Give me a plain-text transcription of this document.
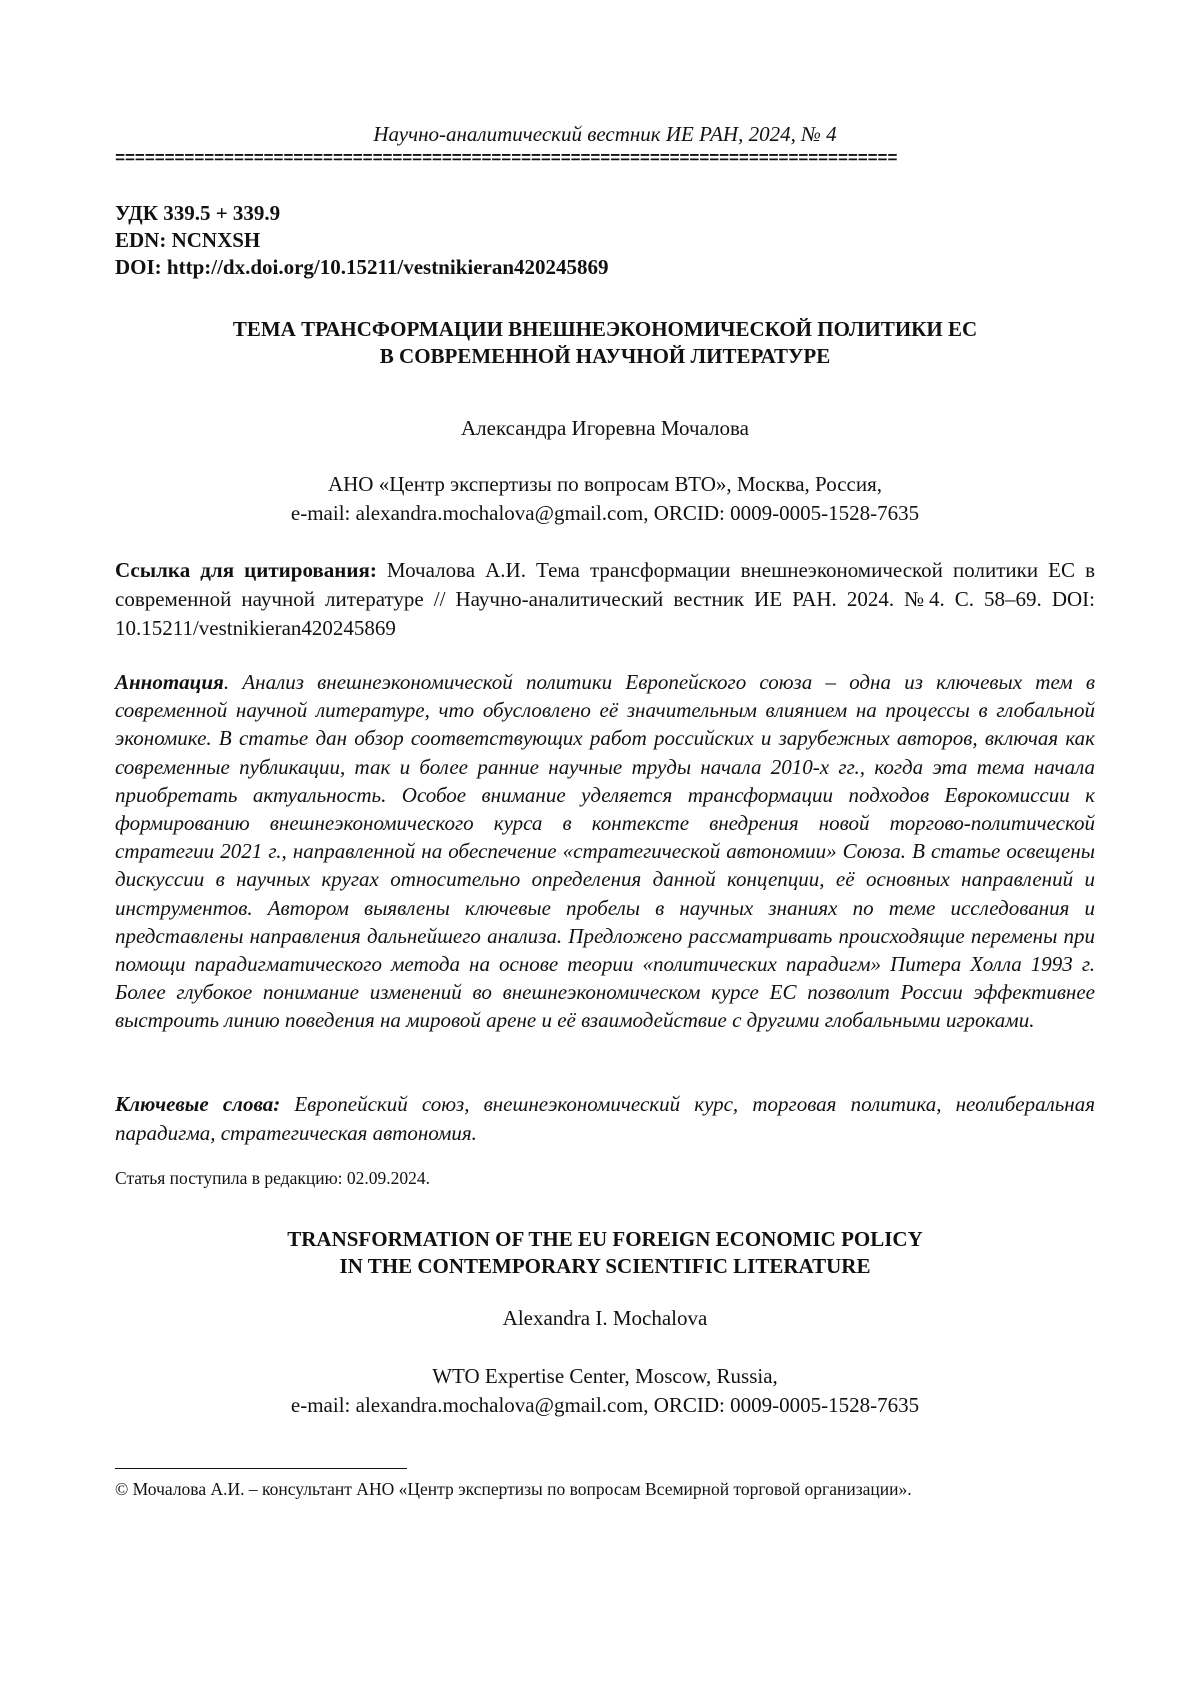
Научно-аналитический вестник ИЕ РАН, 2024, № 4
===============================================================================
УДК 339.5 + 339.9
EDN: NCNXSH
DOI: http://dx.doi.org/10.15211/vestnikieran420245869
ТЕМА ТРАНСФОРМАЦИИ ВНЕШНЕЭКОНОМИЧЕСКОЙ ПОЛИТИКИ ЕС
В СОВРЕМЕННОЙ НАУЧНОЙ ЛИТЕРАТУРЕ
Александра Игоревна Мочалова
АНО «Центр экспертизы по вопросам ВТО», Москва, Россия,
e-mail: alexandra.mochalova@gmail.com, ORCID: 0009-0005-1528-7635
Ссылка для цитирования: Мочалова А.И. Тема трансформации внешнеэкономической политики ЕС в современной научной литературе // Научно-аналитический вестник ИЕ РАН. 2024. №4. С. 58–69. DOI: 10.15211/vestnikieran420245869
Аннотация. Анализ внешнеэкономической политики Европейского союза – одна из ключевых тем в современной научной литературе, что обусловлено её значительным влиянием на процессы в глобальной экономике. В статье дан обзор соответствующих работ российских и зарубежных авторов, включая как современные публикации, так и более ранние научные труды начала 2010-х гг., когда эта тема начала приобретать актуальность. Особое внимание уделяется трансформации подходов Еврокомиссии к формированию внешнеэкономического курса в контексте внедрения новой торгово-политической стратегии 2021 г., направленной на обеспечение «стратегической автономии» Союза. В статье освещены дискуссии в научных кругах относительно определения данной концепции, её основных направлений и инструментов. Автором выявлены ключевые пробелы в научных знаниях по теме исследования и представлены направления дальнейшего анализа. Предложено рассматривать происходящие перемены при помощи парадигматического метода на основе теории «политических парадигм» Питера Холла 1993 г. Более глубокое понимание изменений во внешнеэкономическом курсе ЕС позволит России эффективнее выстроить линию поведения на мировой арене и её взаимодействие с другими глобальными игроками.
Ключевые слова: Европейский союз, внешнеэкономический курс, торговая политика, неолиберальная парадигма, стратегическая автономия.
Статья поступила в редакцию: 02.09.2024.
TRANSFORMATION OF THE EU FOREIGN ECONOMIC POLICY
IN THE CONTEMPORARY SCIENTIFIC LITERATURE
Alexandra I. Mochalova
WTO Expertise Center, Moscow, Russia,
e-mail: alexandra.mochalova@gmail.com, ORCID: 0009-0005-1528-7635
© Мочалова А.И. – консультант АНО «Центр экспертизы по вопросам Всемирной торговой организации».
